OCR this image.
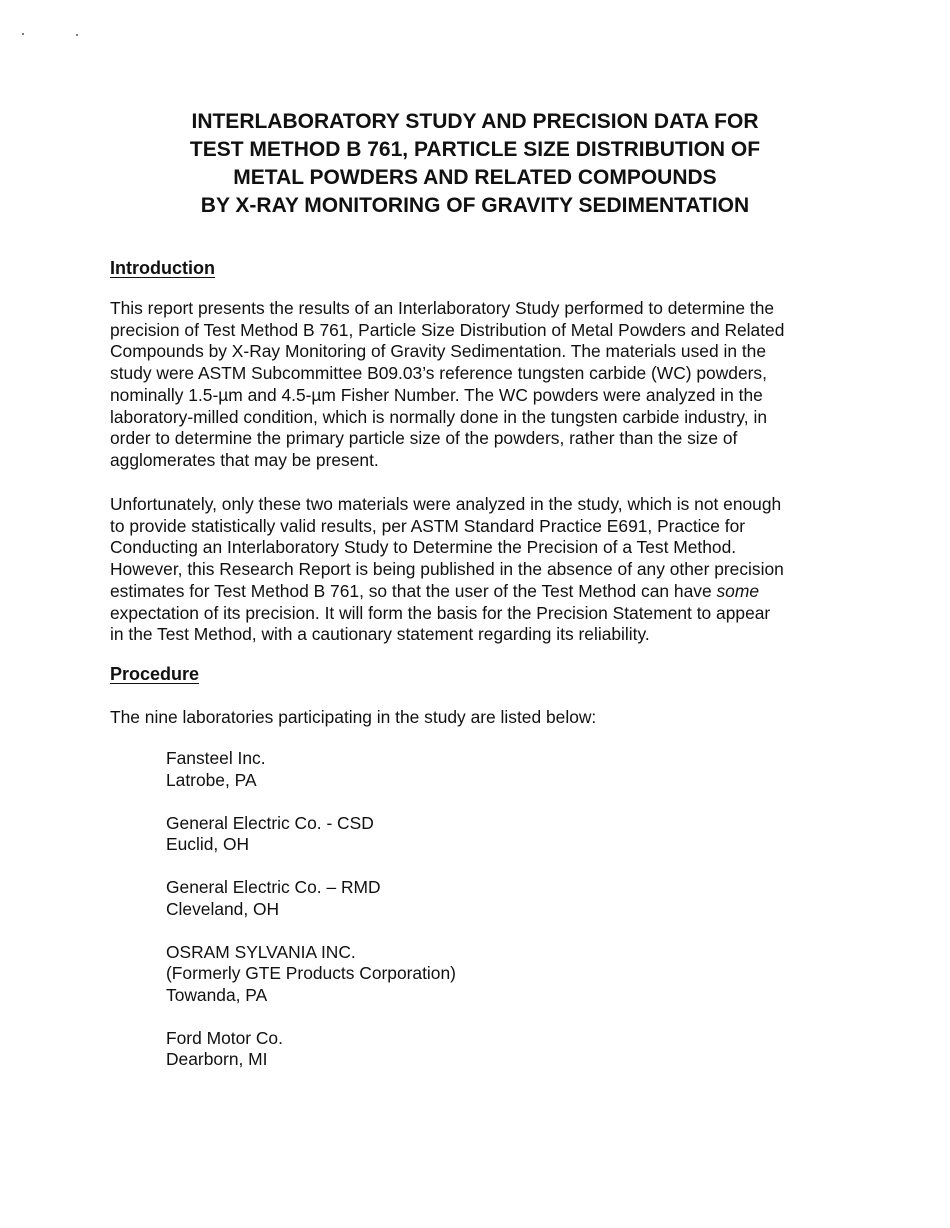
INTERLABORATORY STUDY AND PRECISION DATA FOR
TEST METHOD B 761, PARTICLE SIZE DISTRIBUTION OF
METAL POWDERS AND RELATED COMPOUNDS
BY X-RAY MONITORING OF GRAVITY SEDIMENTATION
Introduction

This report presents the results of an Interlaboratory Study performed to determine the
precision of Test Method B 761, Particle Size Distribution of Metal Powders and Related
Compounds by X-Ray Monitoring of Gravity Sedimentation. The materials used in the
study were ASTM Subcommittee B09.03’s reference tungsten carbide (WC) powders,
nominally 1.5-µm and 4.5-µm Fisher Number. The WC powders were analyzed in the
laboratory-milled condition, which is normally done in the tungsten carbide industry, in
order to determine the primary particle size of the powders, rather than the size of
agglomerates that may be present.

Unfortunately, only these two materials were analyzed in the study, which is not enough
to provide statistically valid results, per ASTM Standard Practice E691, Practice for
Conducting an Interlaboratory Study to Determine the Precision of a Test Method.
However, this Research Report is being published in the absence of any other precision
estimates for Test Method B 761, so that the user of the Test Method can have some
expectation of its precision. It will form the basis for the Precision Statement to appear
in the Test Method, with a cautionary statement regarding its reliability.

Procedure

The nine laboratories participating in the study are listed below:

Fansteel Inc.
Latrobe, PA
General Electric Co. - CSD
Euclid, OH
General Electric Co. – RMD
Cleveland, OH
OSRAM SYLVANIA INC.
(Formerly GTE Products Corporation)
Towanda, PA
Ford Motor Co.
Dearborn, MI
